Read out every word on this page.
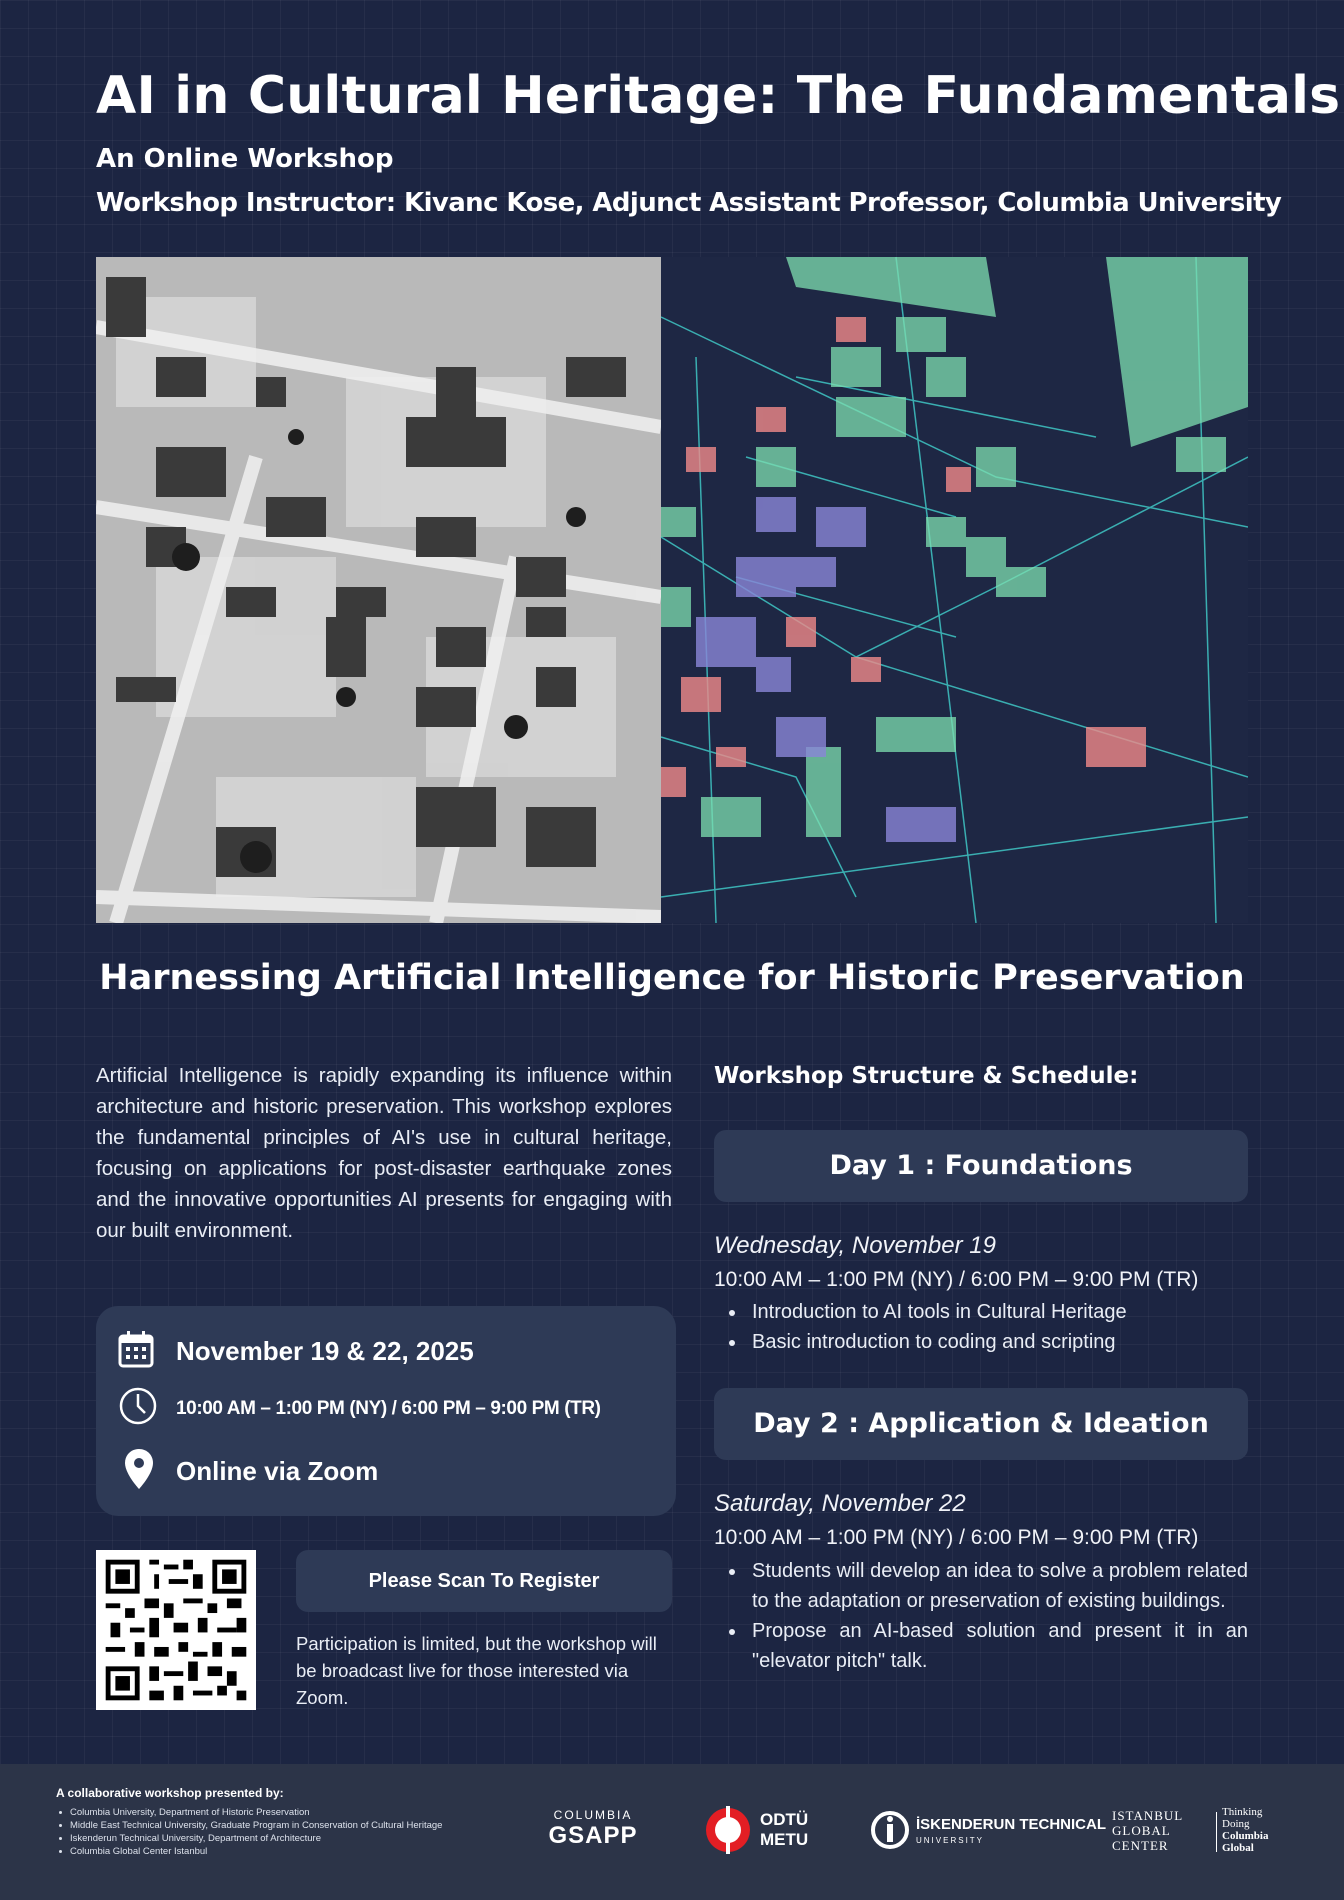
AI in Cultural Heritage: The Fundamentals
An Online Workshop
Workshop Instructor: Kivanc Kose, Adjunct Assistant Professor, Columbia University
Harnessing Artificial Intelligence for Historic Preservation
Artificial Intelligence is rapidly expanding its influence within architecture and historic preservation. This workshop explores the fundamental principles of AI's use in cultural heritage, focusing on applications for post-disaster earthquake zones and the innovative opportunities AI presents for engaging with our built environment.
November 19 & 22, 2025
10:00 AM – 1:00 PM (NY) / 6:00 PM – 9:00 PM (TR)
Online via Zoom
Please Scan To Register
Participation is limited, but the workshop will be broadcast live for those interested via Zoom.
Workshop Structure & Schedule:
Day 1 : Foundations
Wednesday, November 19
10:00 AM – 1:00 PM (NY) / 6:00 PM – 9:00 PM (TR)
Introduction to AI tools in Cultural Heritage
Basic introduction to coding and scripting
Day 2 : Application & Ideation
Saturday, November 22
10:00 AM – 1:00 PM (NY) / 6:00 PM – 9:00 PM (TR)
Students will develop an idea to solve a problem related to the adaptation or preservation of existing buildings.
Propose an AI-based solution and present it in an "elevator pitch" talk.
A collaborative workshop presented by:
Columbia University, Department of Historic Preservation
Middle East Technical University, Graduate Program in Conservation of Cultural Heritage
Iskenderun Technical University, Department of Architecture
Columbia Global Center Istanbul
COLUMBIA
GSAPP
ODTÜ
METU
İSKENDERUN TECHNICAL
UNIVERSITY
ISTANBUL
GLOBAL
CENTER
Thinking
Doing
Columbia
Global
